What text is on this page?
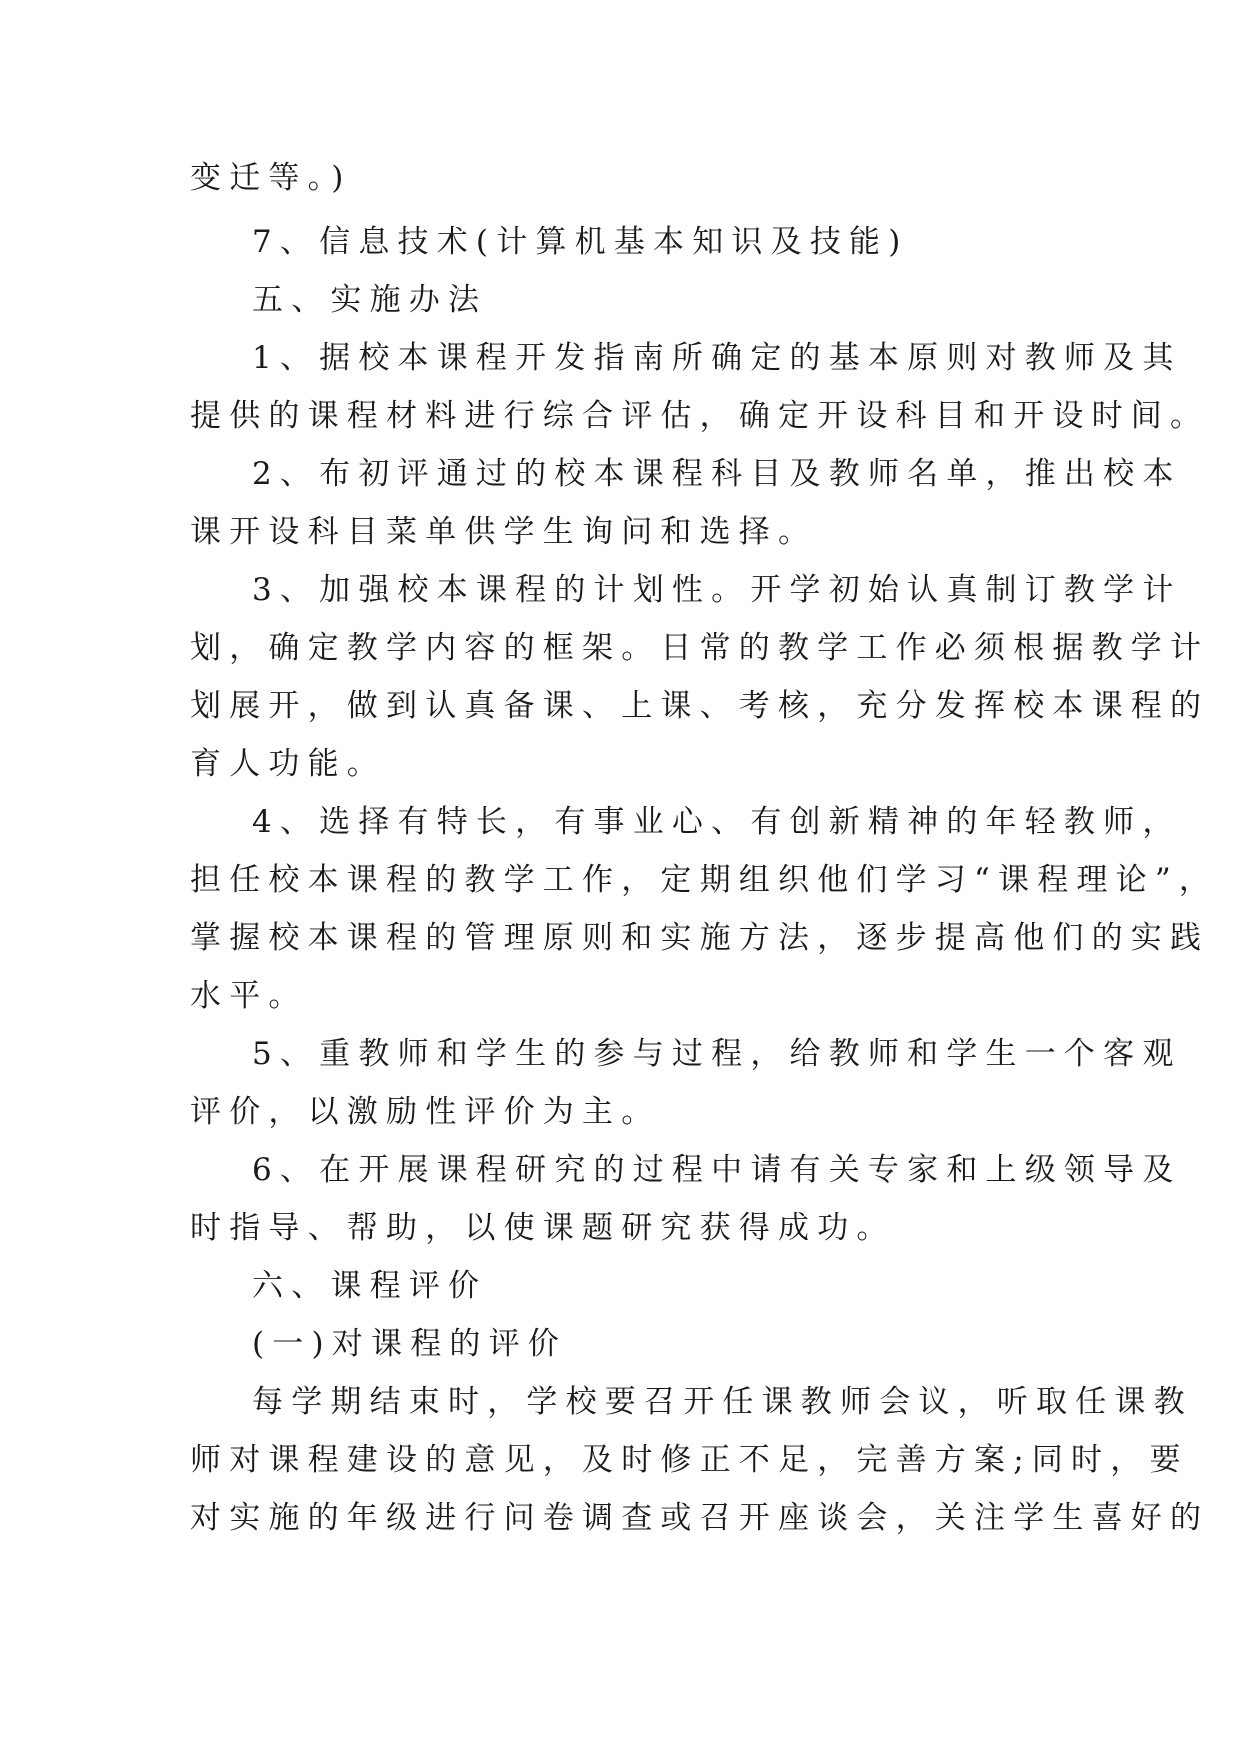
变迁等。)
7、信息技术(计算机基本知识及技能)
五、实施办法
1、据校本课程开发指南所确定的基本原则对教师及其
提供的课程材料进行综合评估，确定开设科目和开设时间。
2、布初评通过的校本课程科目及教师名单，推出校本
课开设科目菜单供学生询问和选择。
3、加强校本课程的计划性。开学初始认真制订教学计
划，确定教学内容的框架。日常的教学工作必须根据教学计
划展开，做到认真备课、上课、考核，充分发挥校本课程的
育人功能。
4、选择有特长，有事业心、有创新精神的年轻教师，
担任校本课程的教学工作，定期组织他们学习“课程理论”，
掌握校本课程的管理原则和实施方法，逐步提高他们的实践
水平。
5、重教师和学生的参与过程，给教师和学生一个客观
评价，以激励性评价为主。
6、在开展课程研究的过程中请有关专家和上级领导及
时指导、帮助，以使课题研究获得成功。
六、课程评价
(一)对课程的评价
每学期结束时，学校要召开任课教师会议，听取任课教
师对课程建设的意见，及时修正不足，完善方案;同时，要
对实施的年级进行问卷调查或召开座谈会，关注学生喜好的
